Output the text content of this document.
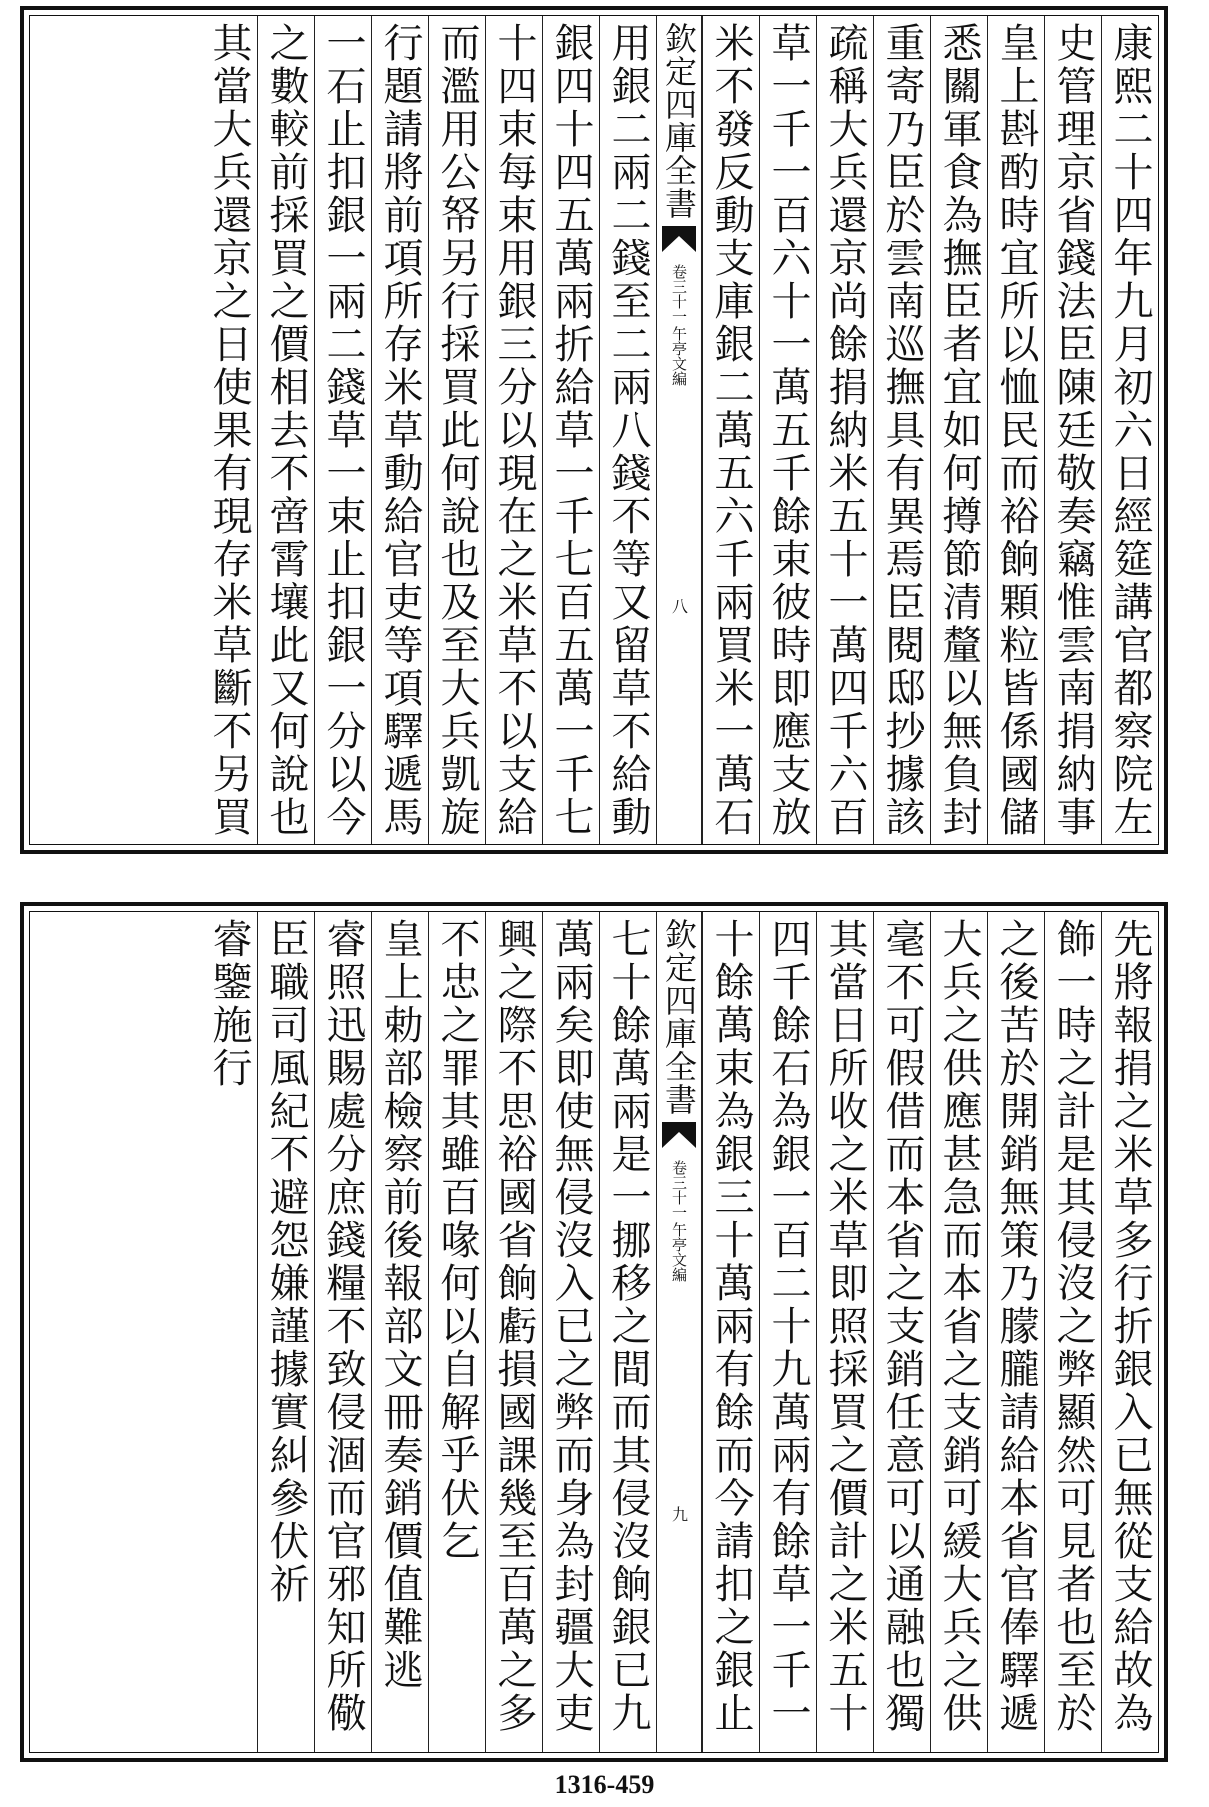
康熙二十四年九月初六日經筵講官都察院左
史管理京省錢法臣陳廷敬奏竊惟雲南捐納事
皇上斟酌時宜所以恤民而裕餉顆粒皆係國儲
悉關軍食為撫臣者宜如何撙節清釐以無負封
重寄乃臣於雲南巡撫具有異焉臣閱邸抄據該
疏稱大兵還京尚餘捐納米五十一萬四千六百
草一千一百六十一萬五千餘束彼時即應支放
米不發反動支庫銀二萬五六千兩買米一萬石
欽定四庫全書
午亭文編
卷三十一
八
用銀二兩二錢至二兩八錢不等又留草不給動
銀四十四五萬兩折給草一千七百五萬一千七
十四束每束用銀三分以現在之米草不以支給
而濫用公帑另行採買此何說也及至大兵凱旋
行題請將前項所存米草動給官吏等項驛遞馬
一石止扣銀一兩二錢草一束止扣銀一分以今
之數較前採買之價相去不啻霄壤此又何說也
其當大兵還京之日使果有現存米草斷不另買
先將報捐之米草多行折銀入已無從支給故為
飾一時之計是其侵沒之弊顯然可見者也至於
之後苦於開銷無策乃朦朧請給本省官俸驛遞
大兵之供應甚急而本省之支銷可緩大兵之供
毫不可假借而本省之支銷任意可以通融也獨
其當日所收之米草即照採買之價計之米五十
四千餘石為銀一百二十九萬兩有餘草一千一
十餘萬束為銀三十萬兩有餘而今請扣之銀止
欽定四庫全書
午亭文編
卷三十一
九
七十餘萬兩是一挪移之間而其侵沒餉銀已九
萬兩矣即使無侵沒入已之弊而身為封疆大吏
興之際不思裕國省餉虧損國課幾至百萬之多
不忠之罪其雖百喙何以自解乎伏乞
皇上勅部檢察前後報部文冊奏銷價值難逃
睿照迅賜處分庶錢糧不致侵涸而官邪知所儆
臣職司風紀不避怨嫌謹據實糾參伏祈
睿鑒施行
1316-459
